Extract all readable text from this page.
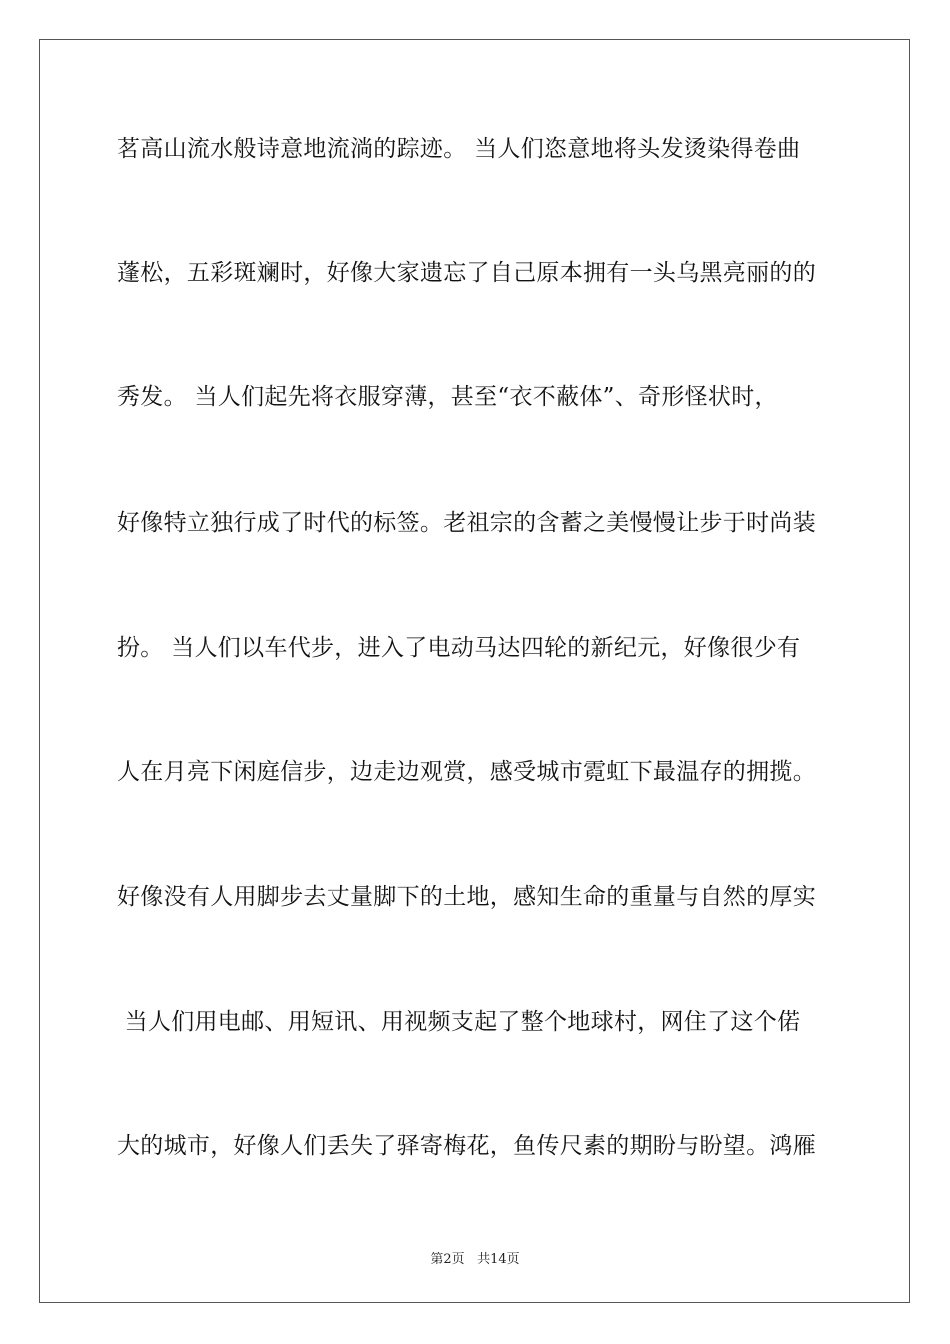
茗高山流水般诗意地流淌的踪迹。 当人们恣意地将头发烫染得卷曲
蓬松，五彩斑斓时，好像大家遗忘了自己原本拥有一头乌黑亮丽的的
秀发。 当人们起先将衣服穿薄，甚至“衣不蔽体”、奇形怪状时，
好像特立独行成了时代的标签。老祖宗的含蓄之美慢慢让步于时尚装
扮。 当人们以车代步，进入了电动马达四轮的新纪元，好像很少有
人在月亮下闲庭信步，边走边观赏，感受城市霓虹下最温存的拥揽。
好像没有人用脚步去丈量脚下的土地，感知生命的重量与自然的厚实
当人们用电邮、用短讯、用视频支起了整个地球村，网住了这个偌
大的城市，好像人们丢失了驿寄梅花，鱼传尺素的期盼与盼望。鸿雁
第2页 共14页
